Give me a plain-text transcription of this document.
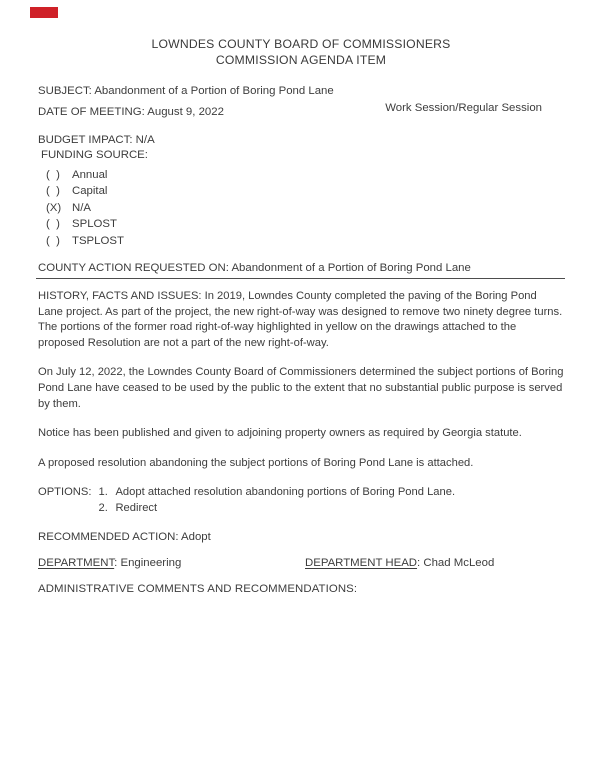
LOWNDES COUNTY BOARD OF COMMISSIONERS
COMMISSION AGENDA ITEM
SUBJECT: Abandonment of a Portion of Boring Pond Lane
DATE OF MEETING: August 9, 2022	Work Session/Regular Session
BUDGET IMPACT: N/A
FUNDING SOURCE:
(  )	Annual
(  )	Capital
(X) N/A
(  )	SPLOST
(  )	TSPLOST
COUNTY ACTION REQUESTED ON: Abandonment of a Portion of Boring Pond Lane

HISTORY, FACTS AND ISSUES: In 2019, Lowndes County completed the paving of the Boring Pond Lane project. As part of the project, the new right-of-way was designed to remove two ninety degree turns. The portions of the former road right-of-way highlighted in yellow on the drawings attached to the proposed Resolution are not a part of the new right-of-way.

On July 12, 2022, the Lowndes County Board of Commissioners determined the subject portions of Boring Pond Lane have ceased to be used by the public to the extent that no substantial public purpose is served by them.

Notice has been published and given to adjoining property owners as required by Georgia statute.

A proposed resolution abandoning the subject portions of Boring Pond Lane is attached.

OPTIONS: 1. Adopt attached resolution abandoning portions of Boring Pond Lane.
2. Redirect
RECOMMENDED ACTION: Adopt
DEPARTMENT: Engineering	DEPARTMENT HEAD: Chad McLeod
ADMINISTRATIVE COMMENTS AND RECOMMENDATIONS:
